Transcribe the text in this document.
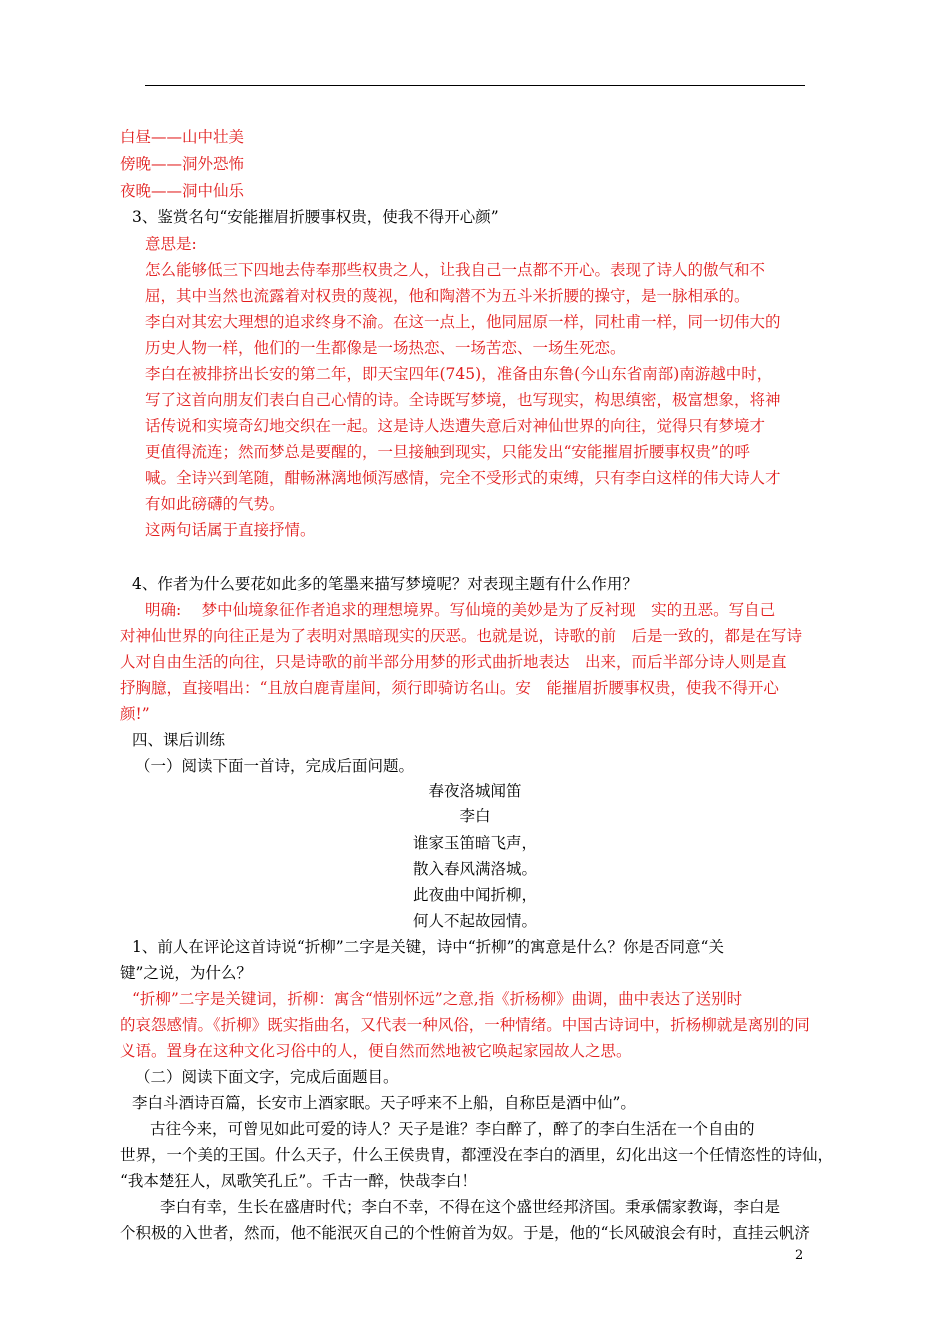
白昼——山中壮美
傍晚——洞外恐怖
夜晚——洞中仙乐
3、鉴赏名句“安能摧眉折腰事权贵，使我不得开心颜”
意思是:
怎么能够低三下四地去侍奉那些权贵之人，让我自己一点都不开心。表现了诗人的傲气和不
屈，其中当然也流露着对权贵的蔑视，他和陶潜不为五斗米折腰的操守，是一脉相承的。
李白对其宏大理想的追求终身不渝。在这一点上，他同屈原一样，同杜甫一样，同一切伟大的
历史人物一样，他们的一生都像是一场热恋、一场苦恋、一场生死恋。
李白在被排挤出长安的第二年，即天宝四年(745)，准备由东鲁(今山东省南部)南游越中时，
写了这首向朋友们表白自己心情的诗。全诗既写梦境，也写现实，构思缜密，极富想象，将神
话传说和实境奇幻地交织在一起。这是诗人迭遭失意后对神仙世界的向往，觉得只有梦境才
更值得流连；然而梦总是要醒的，一旦接触到现实，只能发出“安能摧眉折腰事权贵”的呼
喊。全诗兴到笔随，酣畅淋漓地倾泻感情，完全不受形式的束缚，只有李白这样的伟大诗人才
有如此磅礴的气势。
这两句话属于直接抒情。
4、作者为什么要花如此多的笔墨来描写梦境呢？对表现主题有什么作用？
明确:　 梦中仙境象征作者追求的理想境界。写仙境的美妙是为了反衬现　实的丑恶。写自己
对神仙世界的向往正是为了表明对黑暗现实的厌恶。也就是说，诗歌的前　后是一致的，都是在写诗
人对自由生活的向往，只是诗歌的前半部分用梦的形式曲折地表达　出来，而后半部分诗人则是直
抒胸臆，直接唱出：“且放白鹿青崖间，须行即骑访名山。安　能摧眉折腰事权贵，使我不得开心
颜!”
四、课后训练
（一）阅读下面一首诗，完成后面问题。
春夜洛城闻笛
李白
谁家玉笛暗飞声，
散入春风满洛城。
此夜曲中闻折柳，
何人不起故园情。
1、前人在评论这首诗说“折柳”二字是关键，诗中“折柳”的寓意是什么？你是否同意“关
键”之说，为什么？
“折柳”二字是关键词，折柳：寓含“惜别怀远”之意,指《折杨柳》曲调，曲中表达了送别时
的哀怨感情。《折柳》既实指曲名，又代表一种风俗，一种情绪。中国古诗词中，折杨柳就是离别的同
义语。置身在这种文化习俗中的人，便自然而然地被它唤起家园故人之思。
（二）阅读下面文字，完成后面题目。
李白斗酒诗百篇，长安市上酒家眠。天子呼来不上船，自称臣是酒中仙”。
古往今来，可曾见如此可爱的诗人？天子是谁？李白醉了，醉了的李白生活在一个自由的
世界，一个美的王国。什么天子，什么王侯贵胄，都湮没在李白的酒里，幻化出这一个任情恣性的诗仙，
“我本楚狂人，凤歌笑孔丘”。千古一醉，快哉李白！
李白有幸，生长在盛唐时代；李白不幸，不得在这个盛世经邦济国。秉承儒家教诲，李白是
个积极的入世者，然而，他不能泯灭自己的个性俯首为奴。于是，他的“长风破浪会有时，直挂云帆济
2
